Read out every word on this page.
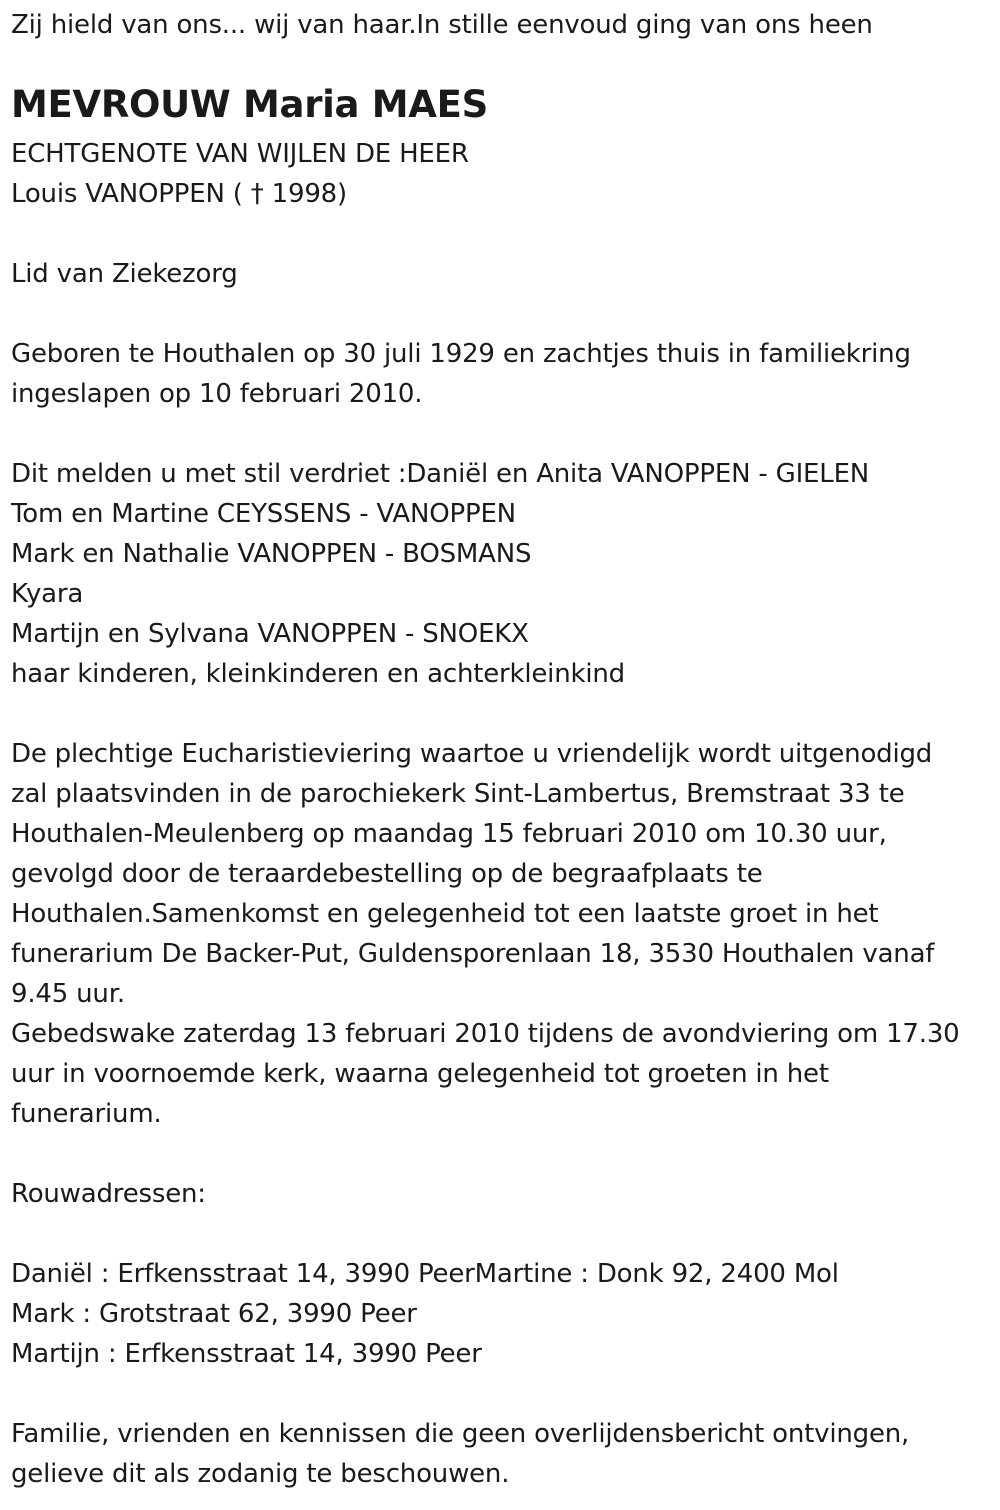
Zij hield van ons... wij van haar.In stille eenvoud ging van ons heen
MEVROUW Maria MAES
ECHTGENOTE VAN WIJLEN DE HEER
Louis VANOPPEN ( † 1998)
Lid van Ziekezorg
Geboren te Houthalen op 30 juli 1929 en zachtjes thuis in familiekring
ingeslapen op 10 februari 2010.
Dit melden u met stil verdriet :Daniël en Anita VANOPPEN - GIELEN
Tom en Martine CEYSSENS - VANOPPEN
Mark en Nathalie VANOPPEN - BOSMANS
Kyara
Martijn en Sylvana VANOPPEN - SNOEKX
haar kinderen, kleinkinderen en achterkleinkind
De plechtige Eucharistieviering waartoe u vriendelijk wordt uitgenodigd
zal plaatsvinden in de parochiekerk Sint-Lambertus, Bremstraat 33 te
Houthalen-Meulenberg op maandag 15 februari 2010 om 10.30 uur,
gevolgd door de teraardebestelling op de begraafplaats te
Houthalen.Samenkomst en gelegenheid tot een laatste groet in het
funerarium De Backer-Put, Guldensporenlaan 18, 3530 Houthalen vanaf
9.45 uur.
Gebedswake zaterdag 13 februari 2010 tijdens de avondviering om 17.30
uur in voornoemde kerk, waarna gelegenheid tot groeten in het
funerarium.
Rouwadressen:
Daniël : Erfkensstraat 14, 3990 PeerMartine : Donk 92, 2400 Mol
Mark : Grotstraat 62, 3990 Peer
Martijn : Erfkensstraat 14, 3990 Peer
Familie, vrienden en kennissen die geen overlijdensbericht ontvingen,
gelieve dit als zodanig te beschouwen.
